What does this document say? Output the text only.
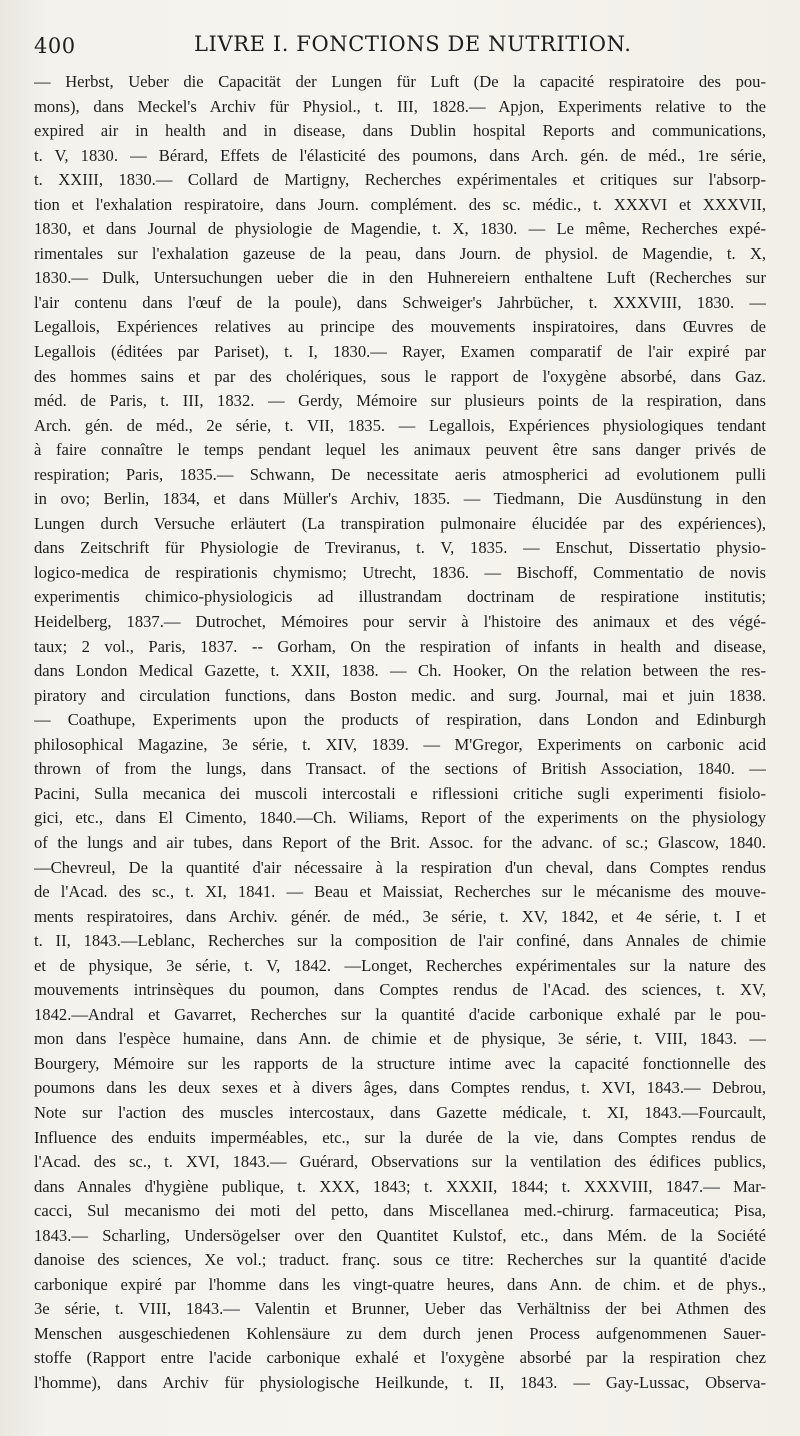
400	LIVRE I. FONCTIONS DE NUTRITION.
— Herbst, Ueber die Capacität der Lungen für Luft (De la capacité respiratoire des pou-
mons), dans Meckel's Archiv für Physiol., t. III, 1828.— Apjon, Experiments relative to the
expired air in health and in disease, dans Dublin hospital Reports and communications,
t. V, 1830. — Bérard, Effets de l'élasticité des poumons, dans Arch. gén. de méd., 1re série,
t. XXIII, 1830.— Collard de Martigny, Recherches expérimentales et critiques sur l'absorp-
tion et l'exhalation respiratoire, dans Journ. complément. des sc. médic., t. XXXVI et XXXVII,
1830, et dans Journal de physiologie de Magendie, t. X, 1830. — Le même, Recherches expé-
rimentales sur l'exhalation gazeuse de la peau, dans Journ. de physiol. de Magendie, t. X,
1830.— Dulk, Untersuchungen ueber die in den Huhnereiern enthaltene Luft (Recherches sur
l'air contenu dans l'œuf de la poule), dans Schweiger's Jahrbücher, t. XXXVIII, 1830. —
Legallois, Expériences relatives au principe des mouvements inspiratoires, dans Œuvres de
Legallois (éditées par Pariset), t. I, 1830.— Rayer, Examen comparatif de l'air expiré par
des hommes sains et par des cholériques, sous le rapport de l'oxygène absorbé, dans Gaz.
méd. de Paris, t. III, 1832. — Gerdy, Mémoire sur plusieurs points de la respiration, dans
Arch. gén. de méd., 2e série, t. VII, 1835. — Legallois, Expériences physiologiques tendant
à faire connaître le temps pendant lequel les animaux peuvent être sans danger privés de
respiration; Paris, 1835.— Schwann, De necessitate aeris atmospherici ad evolutionem pulli
in ovo; Berlin, 1834, et dans Müller's Archiv, 1835. — Tiedmann, Die Ausdünstung in den
Lungen durch Versuche erläutert (La transpiration pulmonaire élucidée par des expériences),
dans Zeitschrift für Physiologie de Treviranus, t. V, 1835. — Enschut, Dissertatio physio-
logico-medica de respirationis chymismo; Utrecht, 1836. — Bischoff, Commentatio de novis
experimentis chimico-physiologicis ad illustrandam doctrinam de respiratione institutis;
Heidelberg, 1837.— Dutrochet, Mémoires pour servir à l'histoire des animaux et des végé-
taux; 2 vol., Paris, 1837. -- Gorham, On the respiration of infants in health and disease,
dans London Medical Gazette, t. XXII, 1838. — Ch. Hooker, On the relation between the res-
piratory and circulation functions, dans Boston medic. and surg. Journal, mai et juin 1838.
— Coathupe, Experiments upon the products of respiration, dans London and Edinburgh
philosophical Magazine, 3e série, t. XIV, 1839. — M'Gregor, Experiments on carbonic acid
thrown of from the lungs, dans Transact. of the sections of British Association, 1840. —
Pacini, Sulla mecanica dei muscoli intercostali e riflessioni critiche sugli experimenti fisiolo-
gici, etc., dans El Cimento, 1840.—Ch. Wiliams, Report of the experiments on the physiology
of the lungs and air tubes, dans Report of the Brit. Assoc. for the advanc. of sc.; Glascow, 1840.
—Chevreul, De la quantité d'air nécessaire à la respiration d'un cheval, dans Comptes rendus
de l'Acad. des sc., t. XI, 1841. — Beau et Maissiat, Recherches sur le mécanisme des mouve-
ments respiratoires, dans Archiv. génér. de méd., 3e série, t. XV, 1842, et 4e série, t. I et
t. II, 1843.—Leblanc, Recherches sur la composition de l'air confiné, dans Annales de chimie
et de physique, 3e série, t. V, 1842. —Longet, Recherches expérimentales sur la nature des
mouvements intrinsèques du poumon, dans Comptes rendus de l'Acad. des sciences, t. XV,
1842.—Andral et Gavarret, Recherches sur la quantité d'acide carbonique exhalé par le pou-
mon dans l'espèce humaine, dans Ann. de chimie et de physique, 3e série, t. VIII, 1843. —
Bourgery, Mémoire sur les rapports de la structure intime avec la capacité fonctionnelle des
poumons dans les deux sexes et à divers âges, dans Comptes rendus, t. XVI, 1843.— Debrou,
Note sur l'action des muscles intercostaux, dans Gazette médicale, t. XI, 1843.—Fourcault,
Influence des enduits imperméables, etc., sur la durée de la vie, dans Comptes rendus de
l'Acad. des sc., t. XVI, 1843.— Guérard, Observations sur la ventilation des édifices publics,
dans Annales d'hygiène publique, t. XXX, 1843; t. XXXII, 1844; t. XXXVIII, 1847.— Mar-
cacci, Sul mecanismo dei moti del petto, dans Miscellanea med.-chirurg. farmaceutica; Pisa,
1843.— Scharling, Undersögelser over den Quantitet Kulstof, etc., dans Mém. de la Société
danoise des sciences, Xe vol.; traduct. franç. sous ce titre: Recherches sur la quantité d'acide
carbonique expiré par l'homme dans les vingt-quatre heures, dans Ann. de chim. et de phys.,
3e série, t. VIII, 1843.— Valentin et Brunner, Ueber das Verhältniss der bei Athmen des
Menschen ausgeschiedenen Kohlensäure zu dem durch jenen Process aufgenommenen Sauer-
stoffe (Rapport entre l'acide carbonique exhalé et l'oxygène absorbé par la respiration chez
l'homme), dans Archiv für physiologische Heilkunde, t. II, 1843. — Gay-Lussac, Observa-
